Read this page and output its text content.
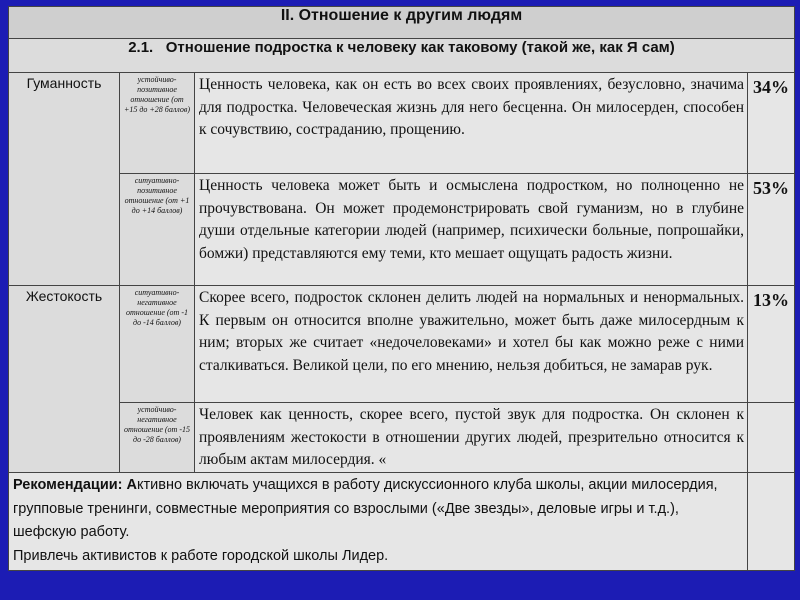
II. Отношение к другим людям			
2.1. Отношение подростка к человеку как таковому (такой же, как Я сам)			
Гуманность	устойчиво-позитивное отношение (от +15 до +28 баллов)	Ценность человека, как он есть во всех своих проявлениях, безусловно, значима для подростка. Человеческая жизнь для него бесценна. Он милосерден, способен к сочувствию, состраданию, прощению.	34%
	ситуативно-позитивное отношение (от +1 до +14 баллов)	Ценность человека может быть и осмыслена подростком, но полноценно не прочувствована. Он может продемонстрировать свой гуманизм, но в глубине души отдельные категории людей (например, психически больные, попрошайки, бомжи) представляются ему теми, кто мешает ощущать радость жизни.	53%
Жестокость	ситуативно-негативное отношение (от -1 до -14 баллов)	Скорее всего, подросток склонен делить людей на нормальных и ненормальных. К первым он относится вполне уважительно, может быть даже милосердным к ним; вторых же считает «недочеловеками» и хотел бы как можно реже с ними сталкиваться. Великой цели, по его мнению, нельзя добиться, не замарав рук.	13%
	устойчиво-негативное отношение (от -15 до -28 баллов)	Человек как ценность, скорее всего, пустой звук для подростка. Он склонен к проявлениям жестокости в отношении других людей, презрительно относится к любым актам милосердия. «	

Рекомендации: Активно включать учащихся в работу дискуссионного клуба школы, акции милосердия, групповые тренинги, совместные мероприятия со взрослыми («Две звезды», деловые игры и т.д.), шефскую работу.
Привлечь активистов к работе городской школы Лидер.			
